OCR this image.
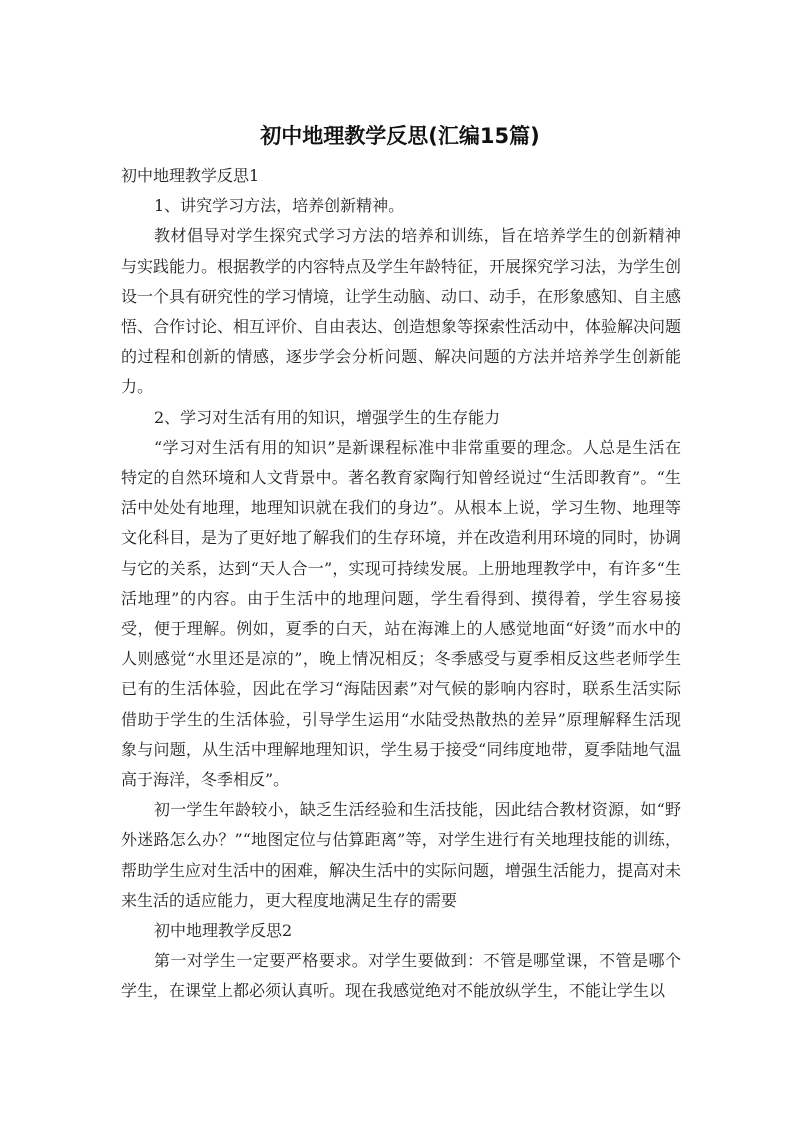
初中地理教学反思(汇编15篇)

初中地理教学反思1

1、讲究学习方法，培养创新精神。

教材倡导对学生探究式学习方法的培养和训练，旨在培养学生的创新精神与实践能力。根据教学的内容特点及学生年龄特征，开展探究学习法，为学生创设一个具有研究性的学习情境，让学生动脑、动口、动手，在形象感知、自主感悟、合作讨论、相互评价、自由表达、创造想象等探索性活动中，体验解决问题的过程和创新的情感，逐步学会分析问题、解决问题的方法并培养学生创新能力。

2、学习对生活有用的知识，增强学生的生存能力

“学习对生活有用的知识”是新课程标准中非常重要的理念。人总是生活在特定的自然环境和人文背景中。著名教育家陶行知曾经说过“生活即教育”。“生活中处处有地理，地理知识就在我们的身边”。从根本上说，学习生物、地理等文化科目，是为了更好地了解我们的生存环境，并在改造利用环境的同时，协调与它的关系，达到“天人合一”，实现可持续发展。上册地理教学中，有许多“生活地理”的内容。由于生活中的地理问题，学生看得到、摸得着，学生容易接受，便于理解。例如，夏季的白天，站在海滩上的人感觉地面“好烫”而水中的人则感觉“水里还是凉的”，晚上情况相反；冬季感受与夏季相反这些老师学生已有的生活体验，因此在学习“海陆因素”对气候的影响内容时，联系生活实际借助于学生的生活体验，引导学生运用“水陆受热散热的差异”原理解释生活现象与问题，从生活中理解地理知识，学生易于接受“同纬度地带，夏季陆地气温高于海洋，冬季相反”。

初一学生年龄较小，缺乏生活经验和生活技能，因此结合教材资源，如“野外迷路怎么办？”“地图定位与估算距离”等，对学生进行有关地理技能的训练，帮助学生应对生活中的困难，解决生活中的实际问题，增强生活能力，提高对未来生活的适应能力，更大程度地满足生存的需要

初中地理教学反思2

第一对学生一定要严格要求。对学生要做到：不管是哪堂课，不管是哪个学生，在课堂上都必须认真听。现在我感觉绝对不能放纵学生，不能让学生以
